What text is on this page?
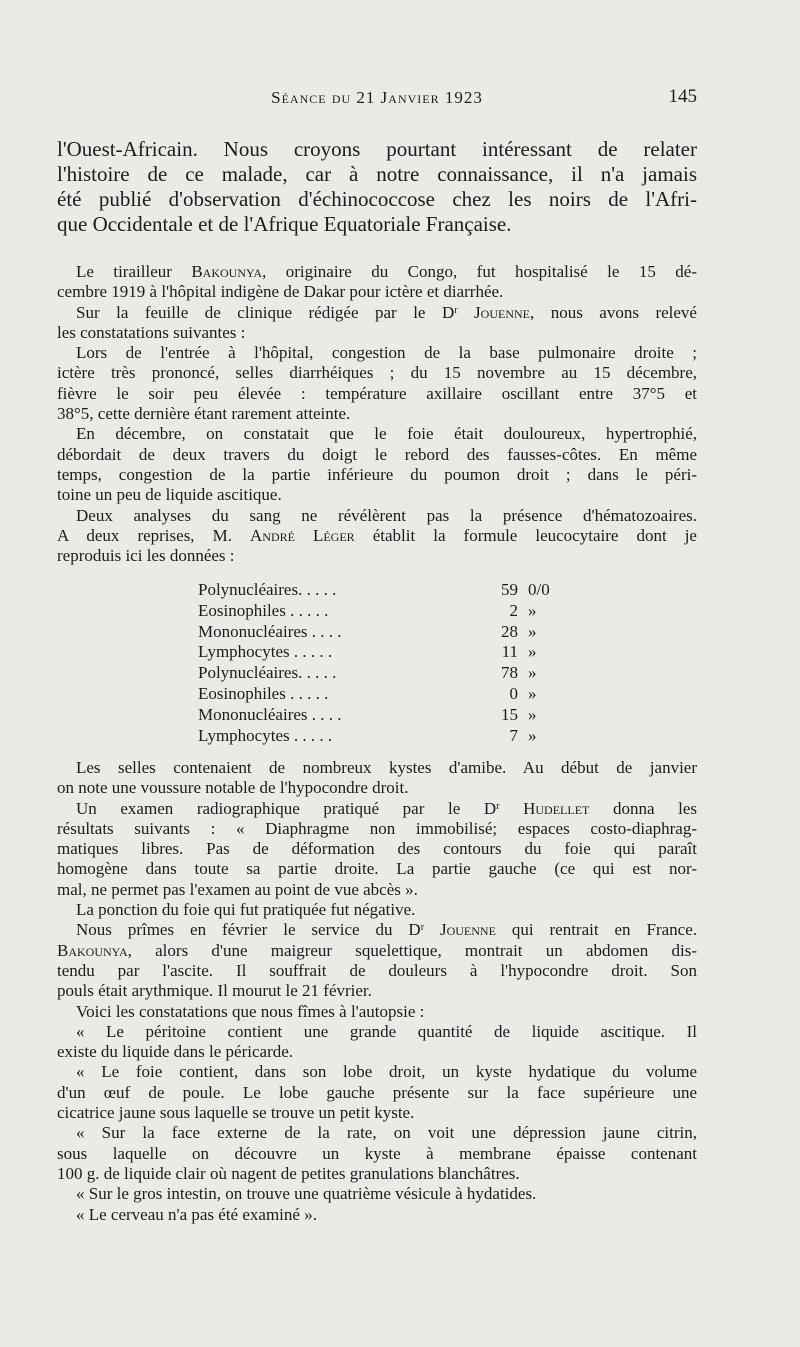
Séance du 21 Janvier 1923	145

l'Ouest-Africain. Nous croyons pourtant intéressant de relater
l'histoire de ce malade, car à notre connaissance, il n'a jamais
été publié d'observation d'échinococcose chez les noirs de l'Afri-
que Occidentale et de l'Afrique Equatoriale Française.

Le tirailleur Bakounya, originaire du Congo, fut hospitalisé le 15 dé-
cembre 1919 à l'hôpital indigène de Dakar pour ictère et diarrhée.
Sur la feuille de clinique rédigée par le $D^r$ Jouenne, nous avons relevé
les constatations suivantes :
Lors de l'entrée à l'hôpital, congestion de la base pulmonaire droite ;
ictère très prononcé, selles diarrhéiques ; du 15 novembre au 15 décembre,
fièvre le soir peu élevée : température axillaire oscillant entre 37°5 et
38°5, cette dernière étant rarement atteinte.
En décembre, on constatait que le foie était douloureux, hypertrophié,
débordait de deux travers du doigt le rebord des fausses-côtes. En même
temps, congestion de la partie inférieure du poumon droit ; dans le péri-
toine un peu de liquide ascitique.
Deux analyses du sang ne révélèrent pas la présence d'hématozoaires.
A deux reprises, M. André Léger établit la formule leucocytaire dont je
reproduis ici les données :
Polynucléaires. . . . .	59	0/0
Eosinophiles . . . . .	2	»
Mononucléaires . . . .	28	»
Lymphocytes . . . . .	11	»
Polynucléaires. . . . .	78	»
Eosinophiles . . . . .	0	»
Mononucléaires . . . .	15	»
Lymphocytes . . . . .	7	»
Les selles contenaient de nombreux kystes d'amibe. Au début de janvier
on note une voussure notable de l'hypocondre droit.
Un examen radiographique pratiqué par le $D^r$ Hudellet donna les
résultats suivants : « Diaphragme non immobilisé; espaces costo-diaphrag-
matiques libres. Pas de déformation des contours du foie qui paraît
homogène dans toute sa partie droite. La partie gauche (ce qui est nor-
mal, ne permet pas l'examen au point de vue abcès ».
La ponction du foie qui fut pratiquée fut négative.
Nous prîmes en février le service du $D^r$ Jouenne qui rentrait en France.
Bakounya, alors d'une maigreur squelettique, montrait un abdomen dis-
tendu par l'ascite. Il souffrait de douleurs à l'hypocondre droit. Son
pouls était arythmique. Il mourut le 21 février.
Voici les constatations que nous fîmes à l'autopsie :
« Le péritoine contient une grande quantité de liquide ascitique. Il
existe du liquide dans le péricarde.
« Le foie contient, dans son lobe droit, un kyste hydatique du volume
d'un œuf de poule. Le lobe gauche présente sur la face supérieure une
cicatrice jaune sous laquelle se trouve un petit kyste.
« Sur la face externe de la rate, on voit une dépression jaune citrin,
sous laquelle on découvre un kyste à membrane épaisse contenant
100 g. de liquide clair où nagent de petites granulations blanchâtres.
« Sur le gros intestin, on trouve une quatrième vésicule à hydatides.
« Le cerveau n'a pas été examiné ».
